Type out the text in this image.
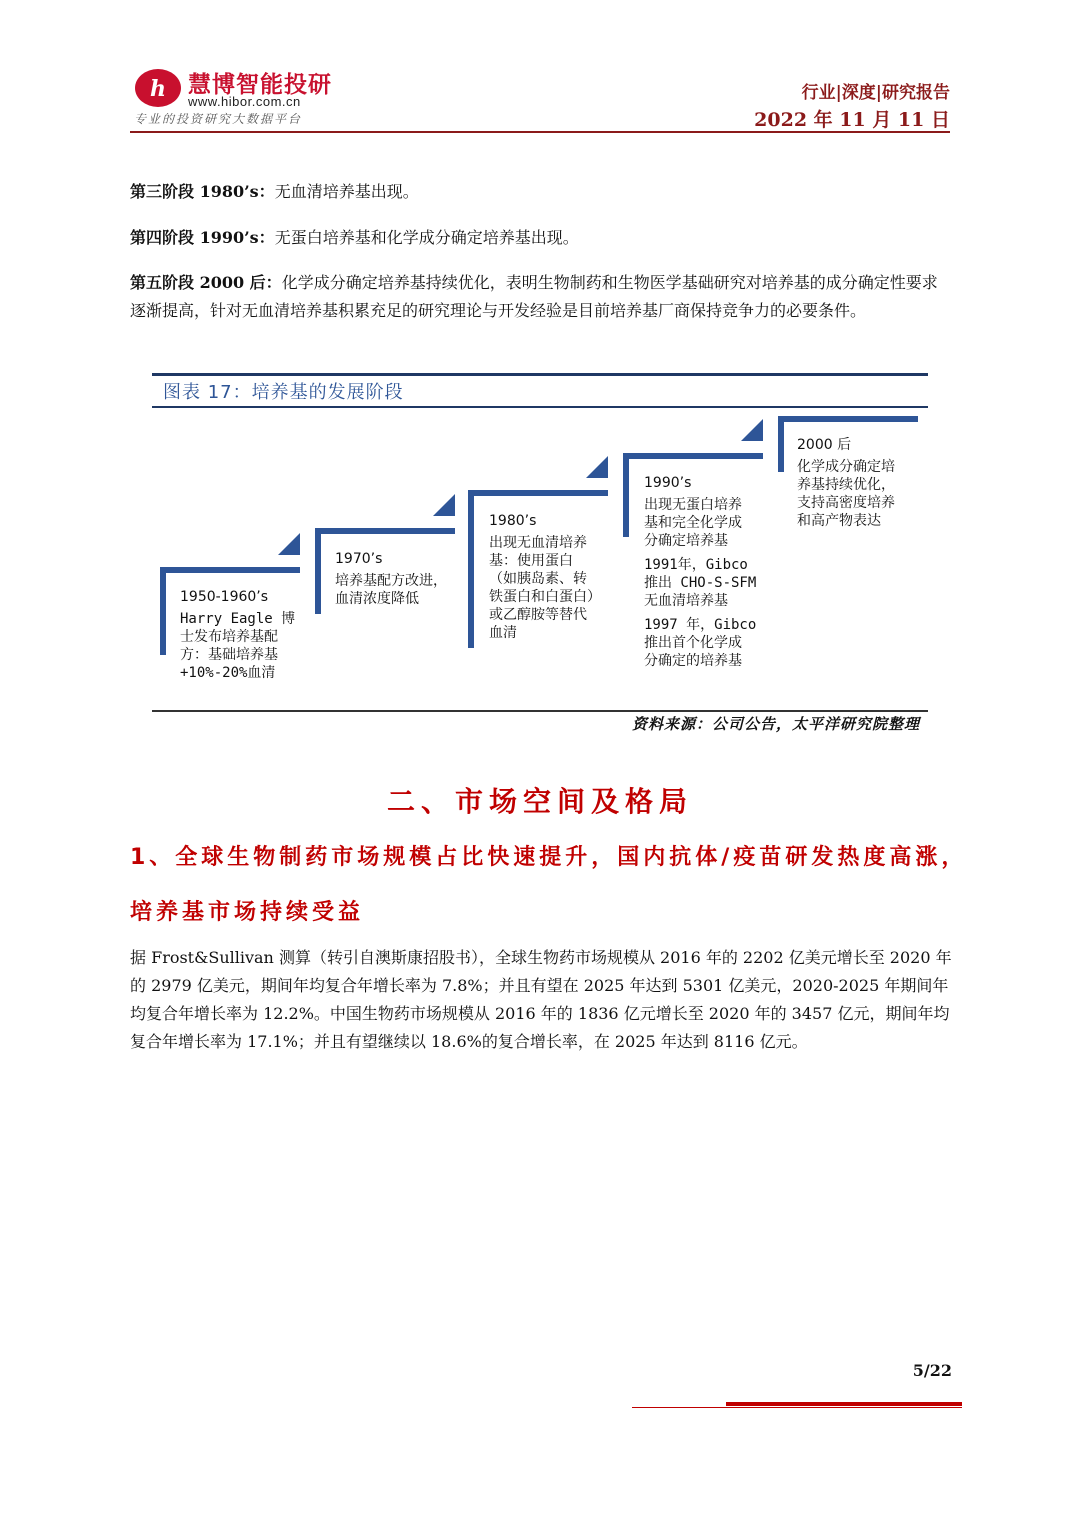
h 慧博智能投研
www.hibor.com.cn
专业的投资研究大数据平台
行业|深度|研究报告
2022 年 11 月 11 日
第三阶段 1980’s：无血清培养基出现。
第四阶段 1990’s：无蛋白培养基和化学成分确定培养基出现。
第五阶段 2000 后：化学成分确定培养基持续优化，表明生物制药和生物医学基础研究对培养基的成分确定性要求逐渐提高，针对无血清培养基积累充足的研究理论与开发经验是目前培养基厂商保持竞争力的必要条件。
图表 17：培养基的发展阶段
1950-1960’s
Harry Eagle 博
士发布培养基配
方：基础培养基
+10%-20%血清
1970’s
培养基配方改进，
血清浓度降低
1980’s
出现无血清培养
基：使用蛋白
（如胰岛素、转
铁蛋白和白蛋白）
或乙醇胺等替代
血清
1990’s
出现无蛋白培养
基和完全化学成
分确定培养基
1991年，Gibco
推出 CHO-S-SFM
无血清培养基
1997 年，Gibco
推出首个化学成
分确定的培养基
2000 后
化学成分确定培
养基持续优化，
支持高密度培养
和高产物表达
资料来源：公司公告，太平洋研究院整理
二、市场空间及格局
1、全球生物制药市场规模占比快速提升，国内抗体/疫苗研发热度高涨，
培养基市场持续受益
据 Frost&Sullivan 测算（转引自澳斯康招股书），全球生物药市场规模从 2016 年的 2202 亿美元增长至 2020 年的 2979 亿美元，期间年均复合年增长率为 7.8%；并且有望在 2025 年达到 5301 亿美元，2020-2025 年期间年均复合年增长率为 12.2%。中国生物药市场规模从 2016 年的 1836 亿元增长至 2020 年的 3457 亿元，期间年均复合年增长率为 17.1%；并且有望继续以 18.6%的复合增长率，在 2025 年达到 8116 亿元。
5/22
